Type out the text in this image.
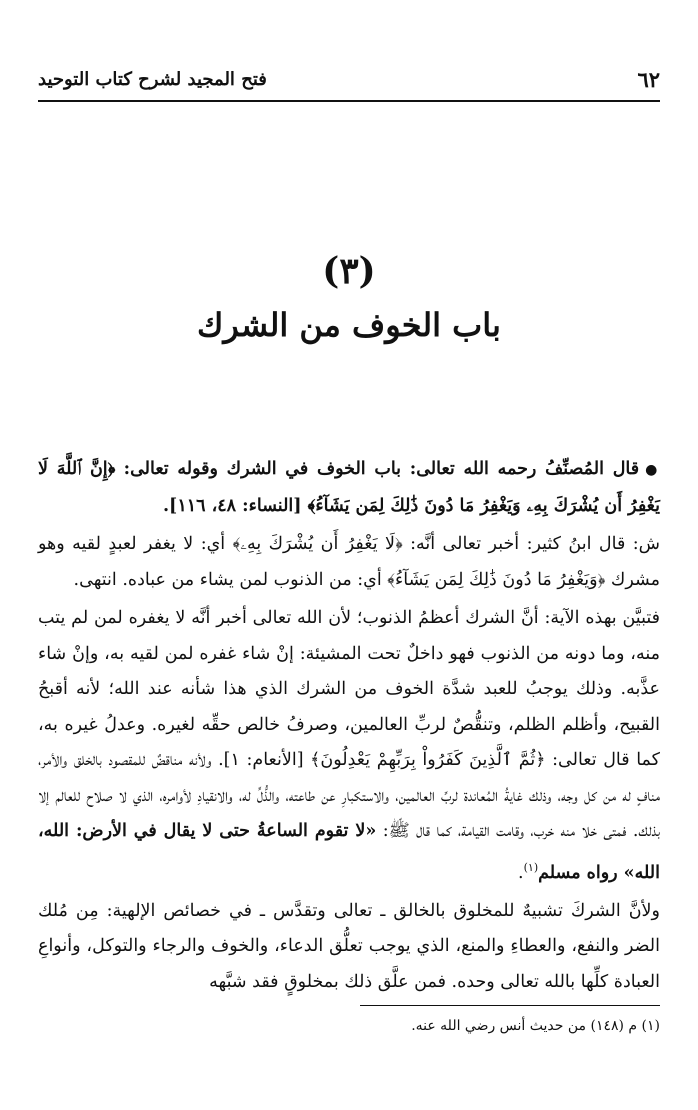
٦٢
فتح المجيد لشرح كتاب التوحيد
(٣)
باب الخوف من الشرك

●قال المُصنِّفُ رحمه الله تعالى: باب الخوف في الشرك وقوله تعالى: ﴿إِنَّ ٱللَّهَ لَا يَغْفِرُ أَن يُشْرَكَ بِهِۦ وَيَغْفِرُ مَا دُونَ ذَٰلِكَ لِمَن يَشَآءُ﴾ [النساء: ٤٨، ١١٦].

ش: قال ابنُ كثير: أخبر تعالى أنَّه: ﴿لَا يَغْفِرُ أَن يُشْرَكَ بِهِۦ﴾ أي: لا يغفر لعبدٍ لقيه وهو مشرك ﴿وَيَغْفِرُ مَا دُونَ ذَٰلِكَ لِمَن يَشَآءُ﴾ أي: من الذنوب لمن يشاء من عباده. انتهى.

فتبيَّن بهذه الآية: أنَّ الشرك أعظمُ الذنوب؛ لأن الله تعالى أخبر أنَّه لا يغفره لمن لم يتب منه، وما دونه من الذنوب فهو داخلٌ تحت المشيئة: إنْ شاء غفره لمن لقيه به، وإنْ شاء عذَّبه. وذلك يوجبُ للعبد شدَّة الخوف من الشرك الذي هذا شأنه عند الله؛ لأنه أقبحُ القبيح، وأظلم الظلم، وتنقُّصٌ لربِّ العالمين، وصرفُ خالص حقِّه لغيره. وعدلُ غيره به، كما قال تعالى: ﴿ثُمَّ ٱلَّذِينَ كَفَرُواْ بِرَبِّهِمْ يَعْدِلُونَ﴾ [الأنعام: ١]. ولأنه مناقضٌ للمقصود بالخلق والأمر، منافٍ له من كل وجه، وذلك غايةُ المُعاندة لربِّ العالمين، والاستكبارِ عن طاعته، والذُّلِّ له، والانقيادِ لأوامره، الذي لا صلاح للعالم إلا بذلك. فمتى خلا منه خرب، وقامت القيامة، كما قال ﷺ: «لا تقوم الساعةُ حتى لا يقال في الأرض: الله، الله» رواه مسلم$^{(١)}$.

ولأنَّ الشركَ تشبيهٌ للمخلوق بالخالق ـ تعالى وتقدَّس ـ في خصائص الإلهية: مِن مُلك الضر والنفع، والعطاءِ والمنع، الذي يوجب تعلُّق الدعاء، والخوف والرجاء والتوكل، وأنواعِ العبادة كلِّها بالله تعالى وحده. فمن علَّق ذلك بمخلوقٍ فقد شبَّهه

(١) م (١٤٨) من حديث أنس رضي الله عنه.
